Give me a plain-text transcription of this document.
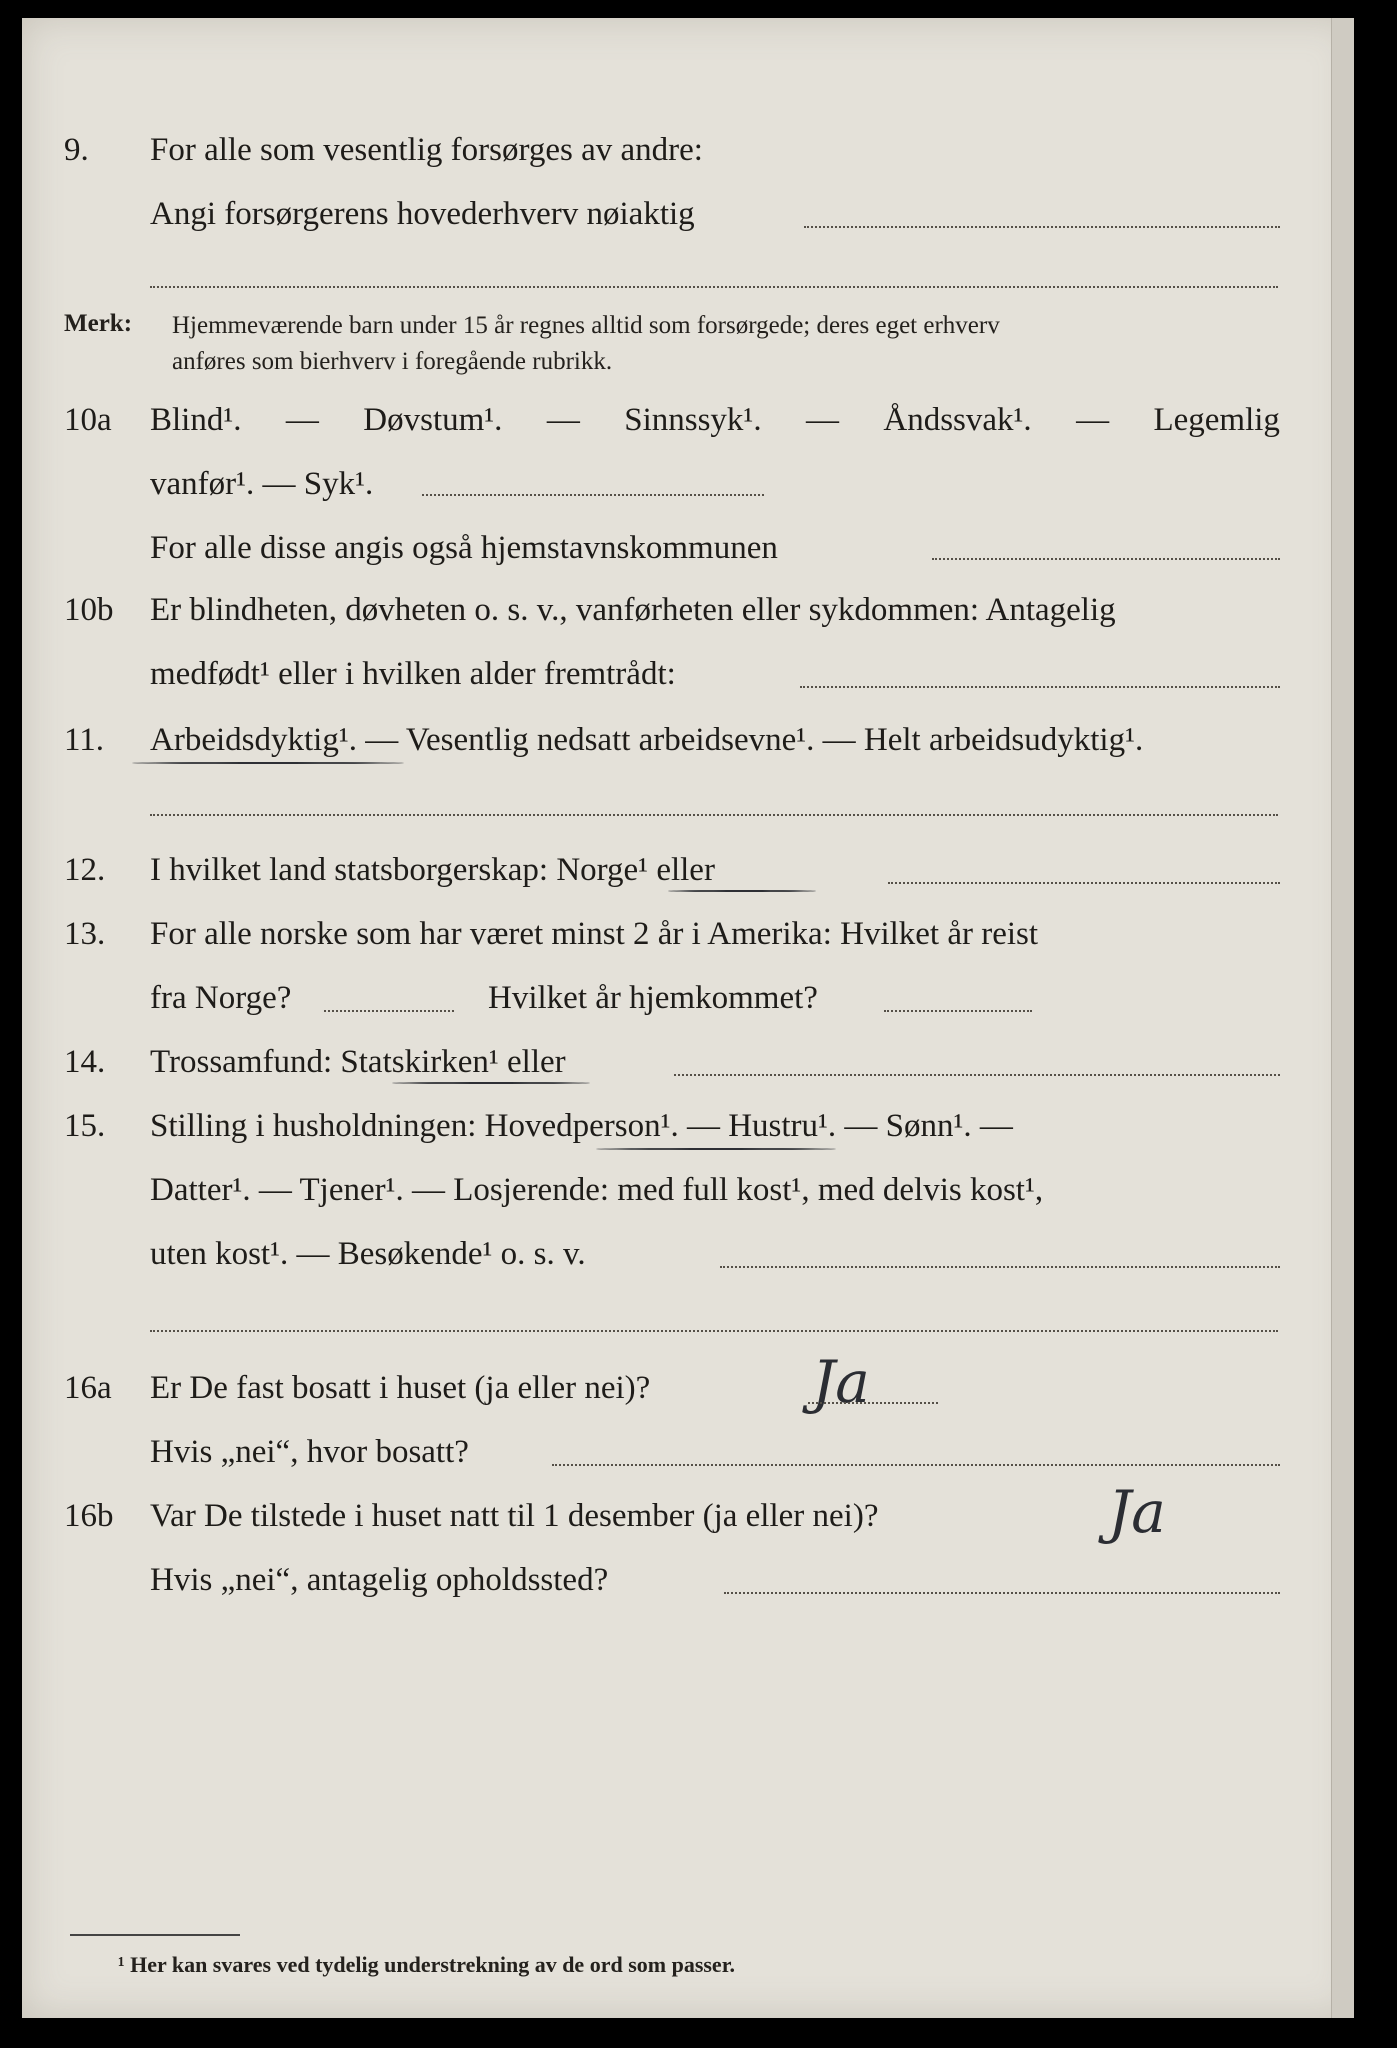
9. For alle som vesentlig forsørges av andre:
Angi forsørgerens hovederhverv nøiaktig
Merk: Hjemmeværende barn under 15 år regnes alltid som forsørgede; deres eget erhverv
anføres som bierhverv i foregående rubrikk.
10a Blind¹. — Døvstum¹. — Sinnssyk¹. — Åndssvak¹. — Legemlig
vanfør¹. — Syk¹.
For alle disse angis også hjemstavnskommunen
10b Er blindheten, døvheten o. s. v., vanførheten eller sykdommen: Antagelig
medfødt¹ eller i hvilken alder fremtrådt:
11. Arbeidsdyktig¹. — Vesentlig nedsatt arbeidsevne¹. — Helt arbeidsudyktig¹.
12. I hvilket land statsborgerskap: Norge¹ eller
13. For alle norske som har været minst 2 år i Amerika: Hvilket år reist
fra Norge?	Hvilket år hjemkommet?
14. Trossamfund: Statskirken¹ eller
15. Stilling i husholdningen: Hovedperson¹. — Hustru¹. — Sønn¹. —
Datter¹. — Tjener¹. — Losjerende: med full kost¹, med delvis kost¹,
uten kost¹. — Besøkende¹ o. s. v.
16a Er De fast bosatt i huset (ja eller nei)?	Ja
Hvis „nei“, hvor bosatt?
16b Var De tilstede i huset natt til 1 desember (ja eller nei)?	Ja
Hvis „nei“, antagelig opholdssted?
¹ Her kan svares ved tydelig understrekning av de ord som passer.
